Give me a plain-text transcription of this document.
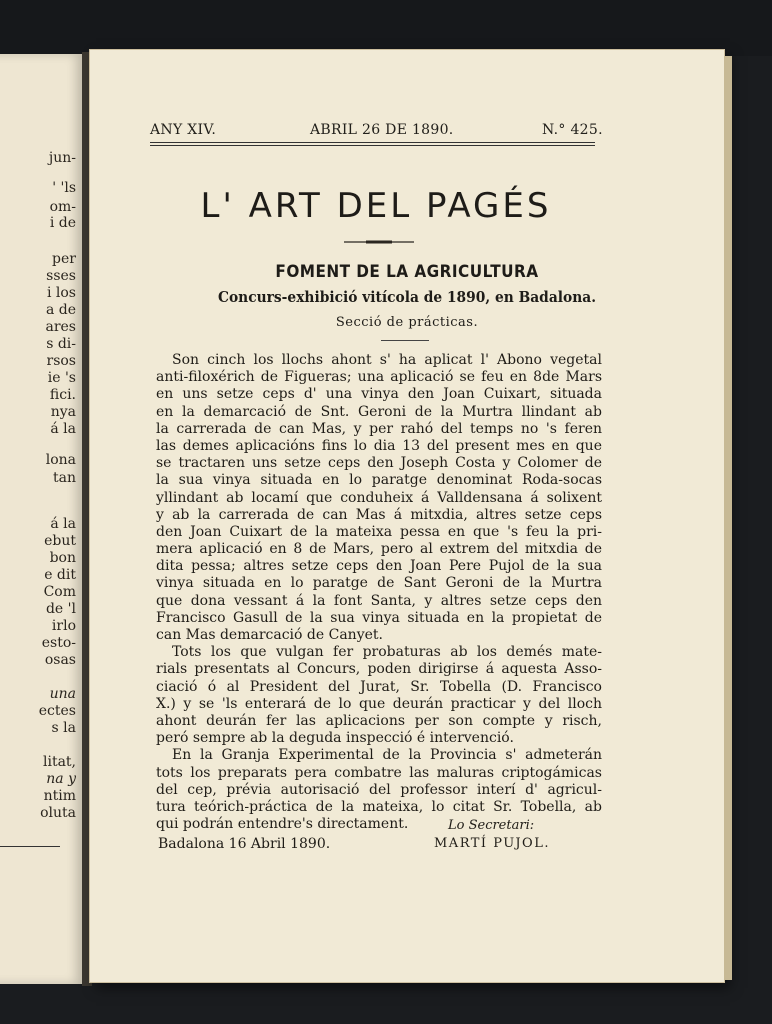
jun-
' 'ls
om-
i de
per
sses
i los
a de
ares
s di-
rsos
ie 's
fici.
nya
á la
lona
tan
á la
ebut
bon
e dit
Com
de 'l
irlo
esto-
osas
una
ectes
s la
litat,
na y
ntim
oluta
ANY XIV.	ABRIL 26 DE 1890.	N.° 425.
L' ART DEL PAGÉS
FOMENT DE LA AGRICULTURA
Concurs-exhibició vitícola de 1890, en Badalona.
Secció de prácticas.
Son cinch los llochs ahont s' ha aplicat l' Abono vegetal
anti-filoxérich de Figueras; una aplicació se feu en 8de Mars
en uns setze ceps d' una vinya den Joan Cuixart, situada
en la demarcació de Snt. Geroni de la Murtra llindant ab
la carrerada de can Mas, y per rahó del temps no 's feren
las demes aplicacións fins lo dia 13 del present mes en que
se tractaren uns setze ceps den Joseph Costa y Colomer de
la sua vinya situada en lo paratge denominat Roda-socas
yllindant ab locamí que conduheix á Valldensana á solixent
y ab la carrerada de can Mas á mitxdia, altres setze ceps
den Joan Cuixart de la mateixa pessa en que 's feu la pri-
mera aplicació en 8 de Mars, pero al extrem del mitxdia de
dita pessa; altres setze ceps den Joan Pere Pujol de la sua
vinya situada en lo paratge de Sant Geroni de la Murtra
que dona vessant á la font Santa, y altres setze ceps den
Francisco Gasull de la sua vinya situada en la propietat de
can Mas demarcació de Canyet.
Tots los que vulgan fer probaturas ab los demés mate-
rials presentats al Concurs, poden dirigirse á aquesta Asso-
ciació ó al President del Jurat, Sr. Tobella (D. Francisco
X.) y se 'ls enterará de lo que deurán practicar y del lloch
ahont deurán fer las aplicacions per son compte y risch,
peró sempre ab la deguda inspecció é intervenció.
En la Granja Experimental de la Provincia s' admeterán
tots los preparats pera combatre las maluras criptogámicas
del cep, prévia autorisació del professor interí d' agricul-
tura teórich-práctica de la mateixa, lo citat Sr. Tobella, ab
qui podrán entendre's directament.	Lo Secretari:
Badalona 16 Abril 1890.	MARTÍ PUJOL.
